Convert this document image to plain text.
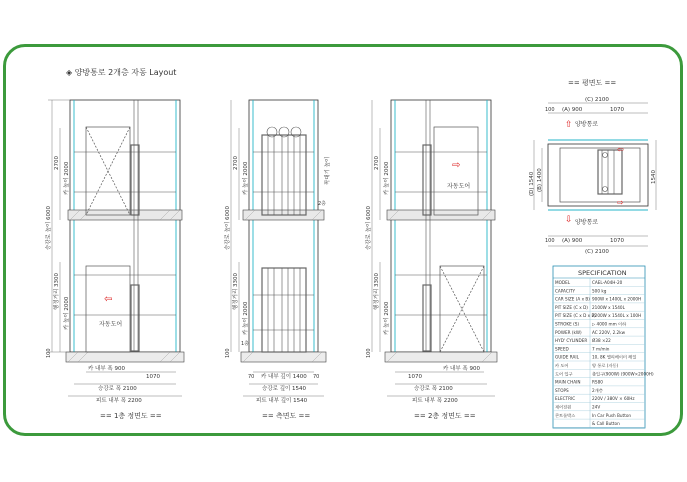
◈ 양방통로 2개층 자동 Layout
⇦
자동도어
승강로 높이 6000
2700 카 높이 2000
행정거리 3300
카 높이 2000
100
카 내부 폭 900
1070
승강로 폭 2100
피트 내부 폭 2200
== 1층 정면도 ==
승강로 높이 6000
2700 카 높이 2000
행정거리 3300
카 높이 2000
100
꼭대기 높이
2층
1층
70 카 내부 깊이 1400 70
승강로 깊이 1540
피트 내부 깊이 1540
== 측면도 ==
⇨
자동도어
승강로 높이 6000
2700 카 높이 2000
행정거리 3300
카 높이 2000
100
1070
카 내부 폭 900
승강로 폭 2100
피트 내부 폭 2200
== 2층 정면도 ==
== 평면도 ==
(C) 2100
100 (A) 900	1070
⇧ 양방통로
⇦
⇨
(D) 1540 (B) 1400	1540
⇩ 양방통로
100 (A) 900	1070
(C) 2100
SPECIFICATION
MODEL	CAEL-A04H-20
CAPACITY	500 kg
CAR SIZE (A x B) 900W x 1400L x 2000H
PIT SIZE (C x D) 2100W x 1540L
PIT SIZE (C x D x P)
2200W x 1540L x 100H
STROKE (S)	▷ 4000 mm 이하
POWER (kW) AC 220V, 2.2kw
HYD' CYLINDER Ø38 ×22
SPEED	7 m/min
GUIDE RAIL	10, 8K 엘리베이터 레일
카 도어	양 통로 (자동)
도어 입구	출입구(900W) (900W×2000H)
MAIN CHAIN	RS80
STOPS	2개층
ELECTRIC	220V / 380V × 60Hz
제어전원	24V
콘트롤박스	In Car Push Button
& Call Button
